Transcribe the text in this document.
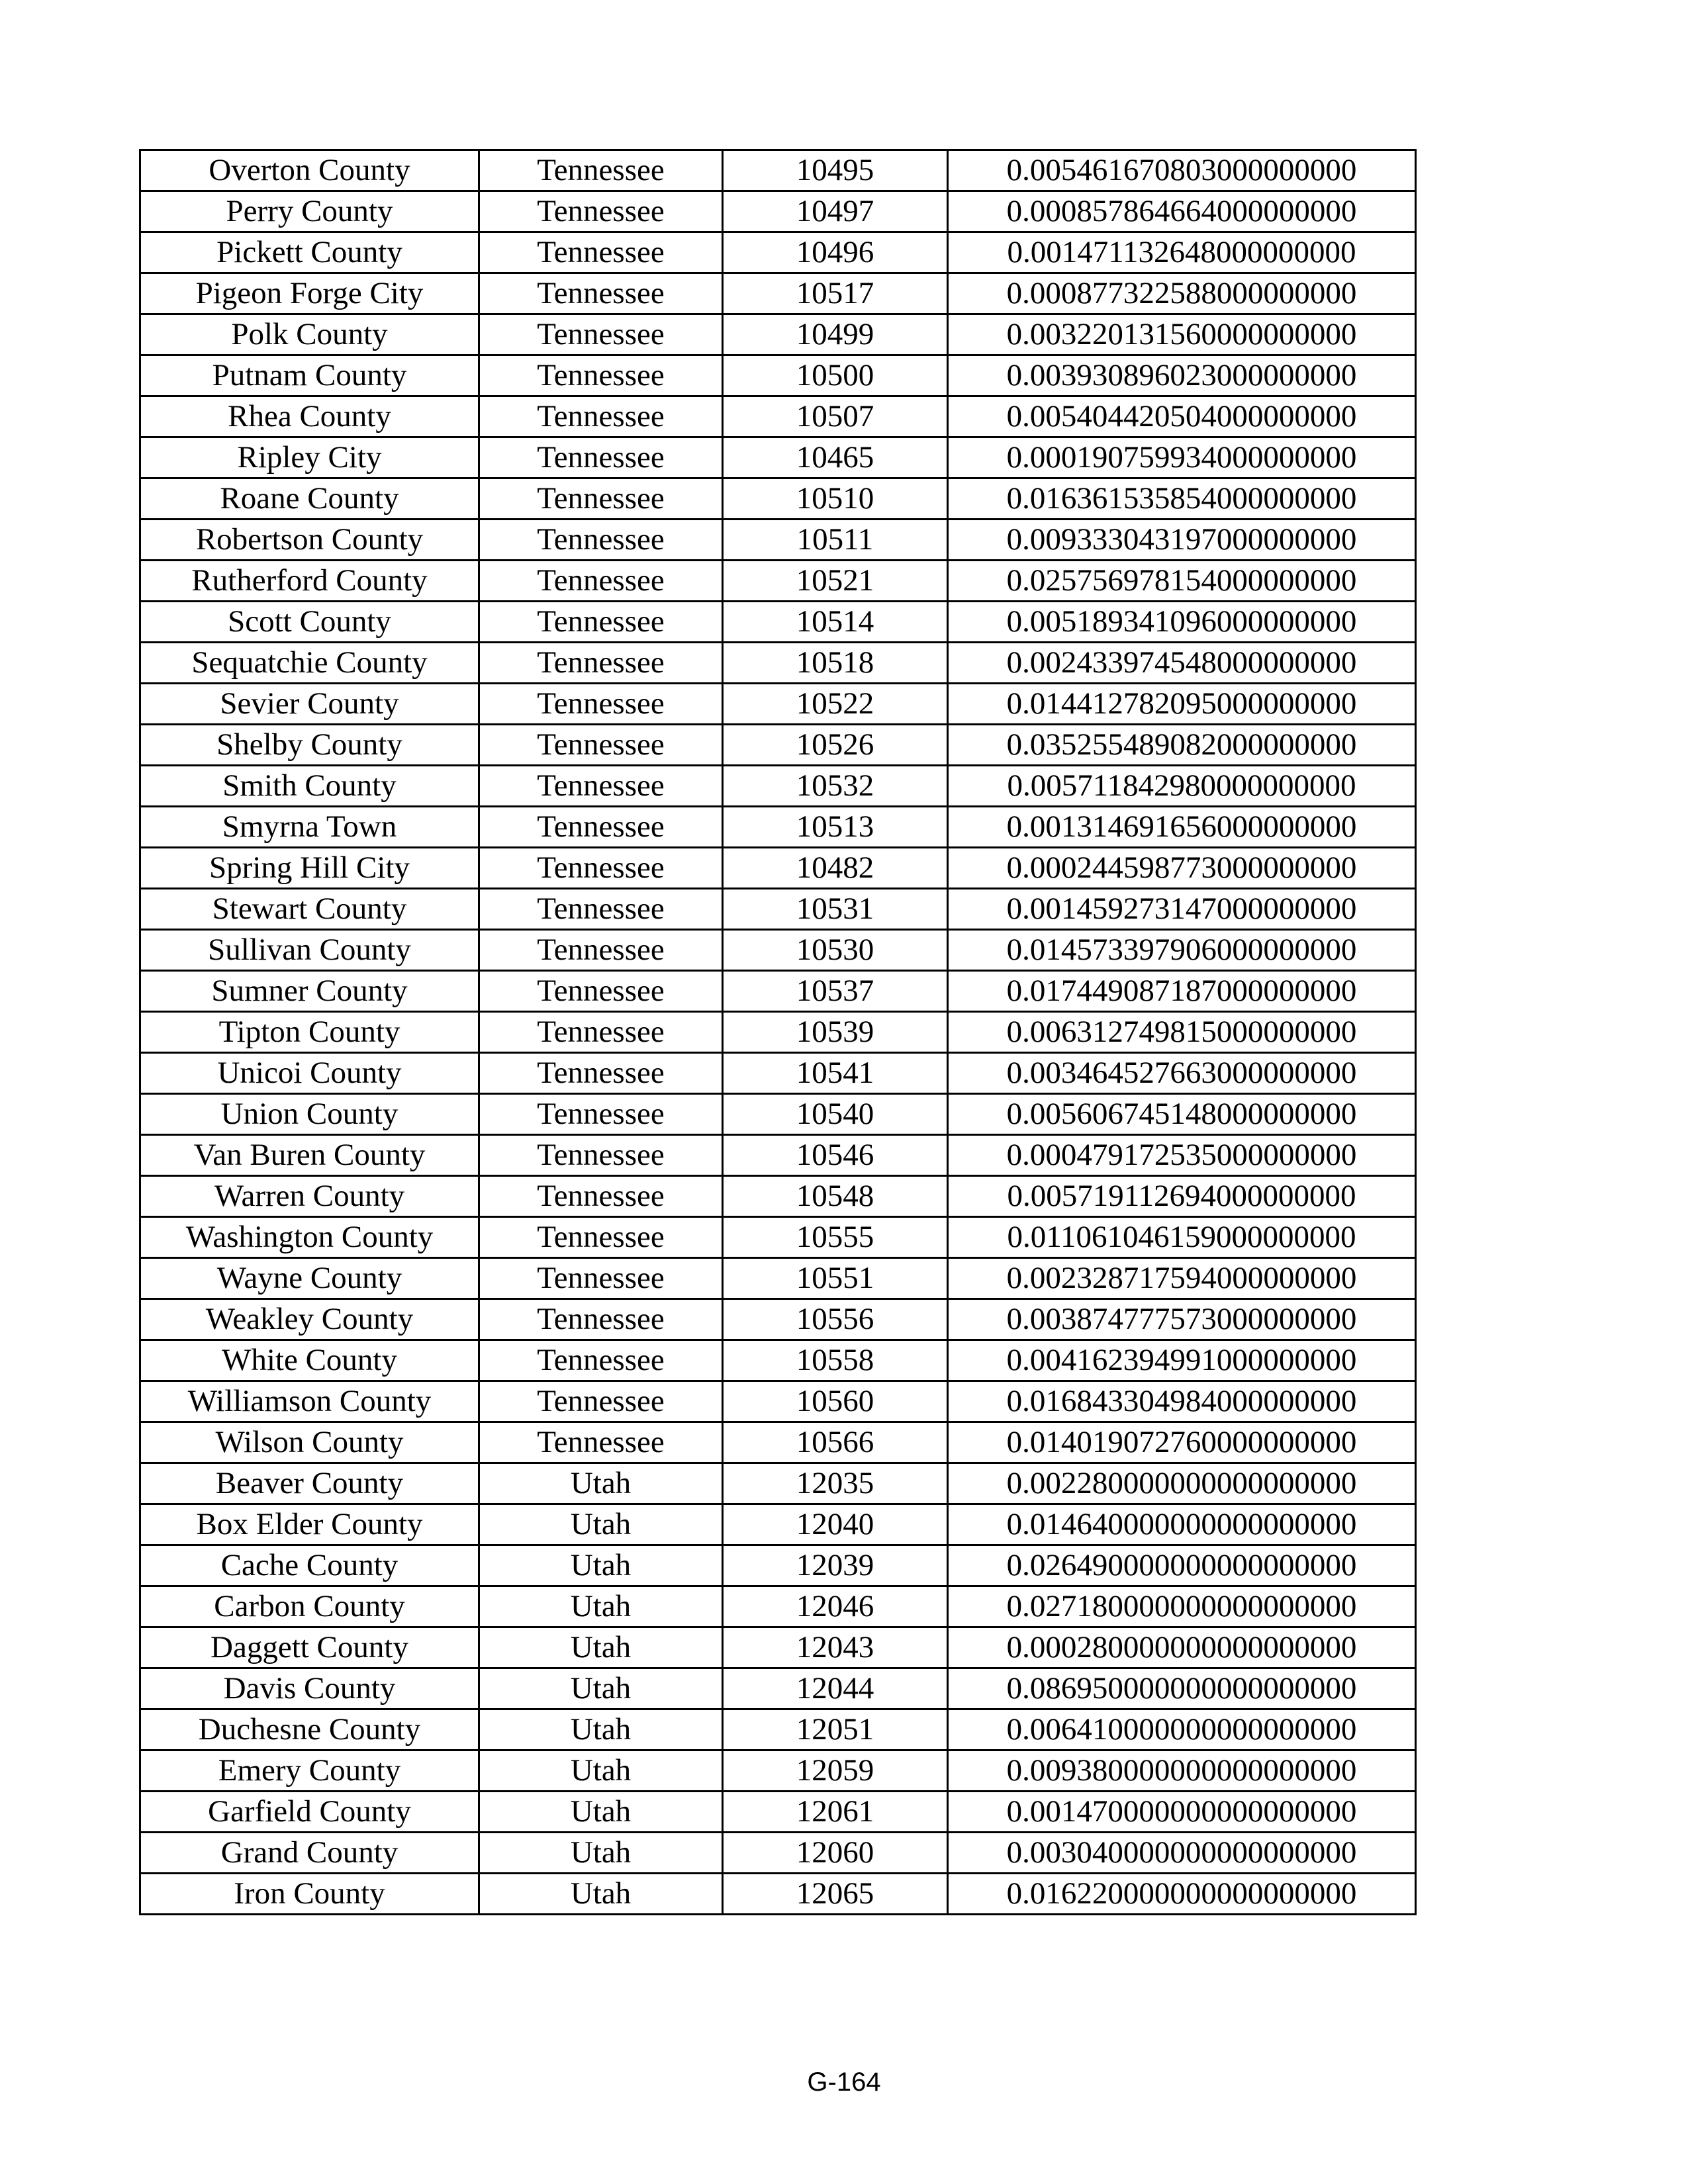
Overton County	Tennessee	10495	0.005461670803000000000
Perry County	Tennessee	10497	0.000857864664000000000
Pickett County	Tennessee	10496	0.001471132648000000000
Pigeon Forge City	Tennessee	10517	0.000877322588000000000
Polk County	Tennessee	10499	0.003220131560000000000
Putnam County	Tennessee	10500	0.003930896023000000000
Rhea County	Tennessee	10507	0.005404420504000000000
Ripley City	Tennessee	10465	0.000190759934000000000
Roane County	Tennessee	10510	0.016361535854000000000
Robertson County	Tennessee	10511	0.009333043197000000000
Rutherford County	Tennessee	10521	0.025756978154000000000
Scott County	Tennessee	10514	0.005189341096000000000
Sequatchie County	Tennessee	10518	0.002433974548000000000
Sevier County	Tennessee	10522	0.014412782095000000000
Shelby County	Tennessee	10526	0.035255489082000000000
Smith County	Tennessee	10532	0.005711842980000000000
Smyrna Town	Tennessee	10513	0.001314691656000000000
Spring Hill City	Tennessee	10482	0.000244598773000000000
Stewart County	Tennessee	10531	0.001459273147000000000
Sullivan County	Tennessee	10530	0.014573397906000000000
Sumner County	Tennessee	10537	0.017449087187000000000
Tipton County	Tennessee	10539	0.006312749815000000000
Unicoi County	Tennessee	10541	0.003464527663000000000
Union County	Tennessee	10540	0.005606745148000000000
Van Buren County	Tennessee	10546	0.000479172535000000000
Warren County	Tennessee	10548	0.005719112694000000000
Washington County	Tennessee	10555	0.011061046159000000000
Wayne County	Tennessee	10551	0.002328717594000000000
Weakley County	Tennessee	10556	0.003874777573000000000
White County	Tennessee	10558	0.004162394991000000000
Williamson County	Tennessee	10560	0.016843304984000000000
Wilson County	Tennessee	10566	0.014019072760000000000
Beaver County	Utah	12035	0.002280000000000000000
Box Elder County	Utah	12040	0.014640000000000000000
Cache County	Utah	12039	0.026490000000000000000
Carbon County	Utah	12046	0.027180000000000000000
Daggett County	Utah	12043	0.000280000000000000000
Davis County	Utah	12044	0.086950000000000000000
Duchesne County	Utah	12051	0.006410000000000000000
Emery County	Utah	12059	0.009380000000000000000
Garfield County	Utah	12061	0.001470000000000000000
Grand County	Utah	12060	0.003040000000000000000
Iron County	Utah	12065	0.016220000000000000000
G-164
